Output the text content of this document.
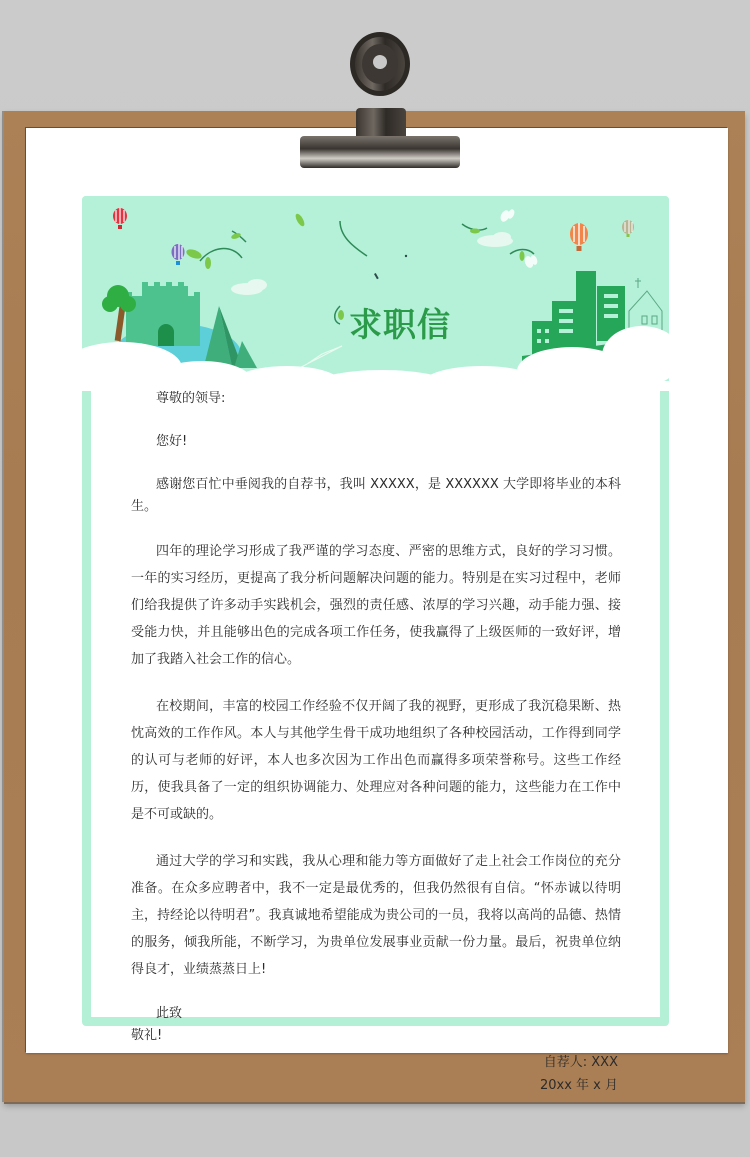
求职信
尊敬的领导:
您好!
感谢您百忙中垂阅我的自荐书，我叫 XXXXX，是 XXXXXX 大学即将毕业的本科生。
四年的理论学习形成了我严谨的学习态度、严密的思维方式，良好的学习习惯。一年的实习经历，更提高了我分析问题解决问题的能力。特别是在实习过程中，老师们给我提供了许多动手实践机会，强烈的责任感、浓厚的学习兴趣，动手能力强、接受能力快，并且能够出色的完成各项工作任务，使我赢得了上级医师的一致好评，增加了我踏入社会工作的信心。
在校期间，丰富的校园工作经验不仅开阔了我的视野，更形成了我沉稳果断、热忱高效的工作作风。本人与其他学生骨干成功地组织了各种校园活动，工作得到同学的认可与老师的好评，本人也多次因为工作出色而赢得多项荣誉称号。这些工作经历，使我具备了一定的组织协调能力、处理应对各种问题的能力，这些能力在工作中是不可或缺的。
通过大学的学习和实践，我从心理和能力等方面做好了走上社会工作岗位的充分准备。在众多应聘者中，我不一定是最优秀的，但我仍然很有自信。“怀赤诚以待明主，持经论以待明君”。我真诚地希望能成为贵公司的一员，我将以高尚的品德、热情的服务，倾我所能，不断学习，为贵单位发展事业贡献一份力量。最后，祝贵单位纳得良才，业绩蒸蒸日上!
此致
敬礼!
自荐人: XXX
20xx 年 x 月
